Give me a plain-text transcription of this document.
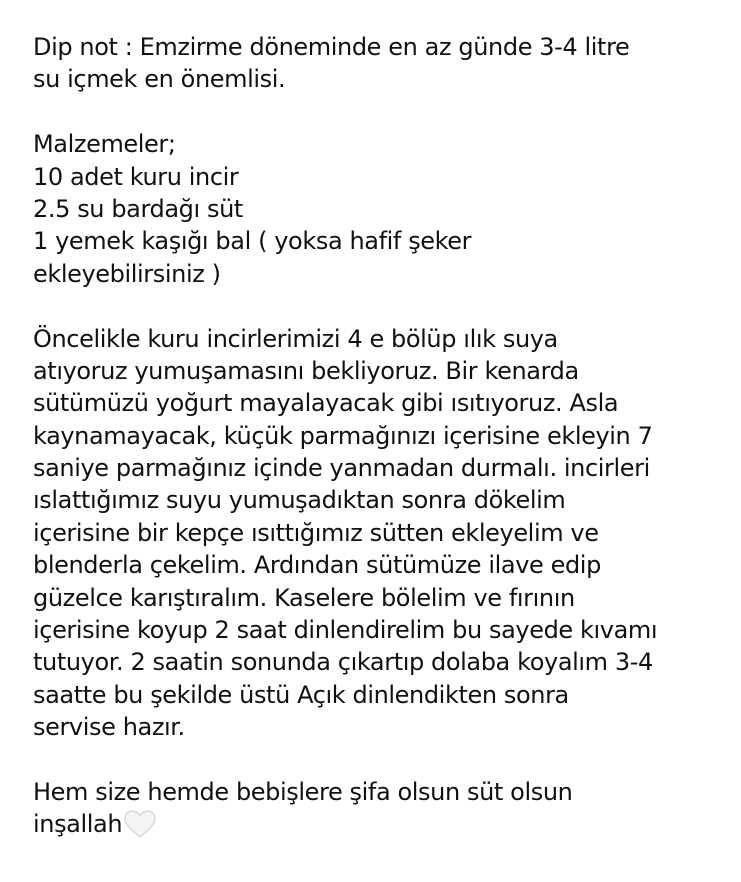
Dip not : Emzirme döneminde en az günde 3-4 litre
su içmek en önemlisi.
Malzemeler;
10 adet kuru incir
2.5 su bardağı süt
1 yemek kaşığı bal ( yoksa hafif şeker
ekleyebilirsiniz )
Öncelikle kuru incirlerimizi 4 e bölüp ılık suya
atıyoruz yumuşamasını bekliyoruz. Bir kenarda
sütümüzü yoğurt mayalayacak gibi ısıtıyoruz. Asla
kaynamayacak, küçük parmağınızı içerisine ekleyin 7
saniye parmağınız içinde yanmadan durmalı. incirleri
ıslattığımız suyu yumuşadıktan sonra dökelim
içerisine bir kepçe ısıttığımız sütten ekleyelim ve
blenderla çekelim. Ardından sütümüze ilave edip
güzelce karıştıralım. Kaselere bölelim ve fırının
içerisine koyup 2 saat dinlendirelim bu sayede kıvamı
tutuyor. 2 saatin sonunda çıkartıp dolaba koyalım 3-4
saatte bu şekilde üstü Açık dinlendikten sonra
servise hazır.
Hem size hemde bebişlere şifa olsun süt olsun
inşallah
